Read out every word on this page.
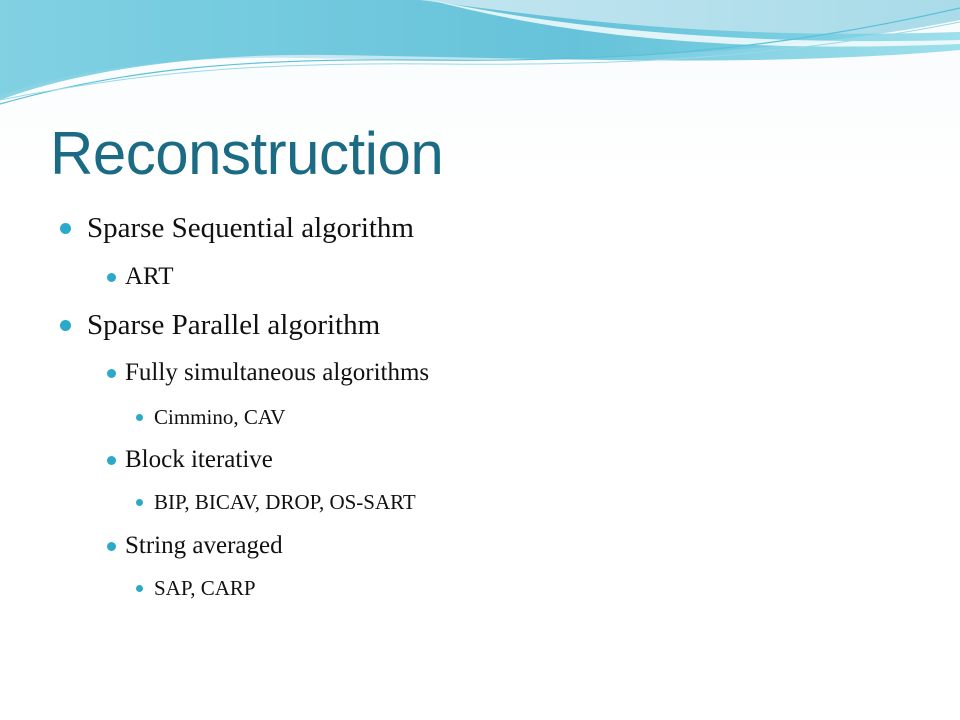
Reconstruction
Sparse Sequential algorithm
ART
Sparse Parallel algorithm
Fully simultaneous algorithms
Cimmino, CAV
Block iterative
BIP, BICAV, DROP, OS-SART
String averaged
SAP, CARP
